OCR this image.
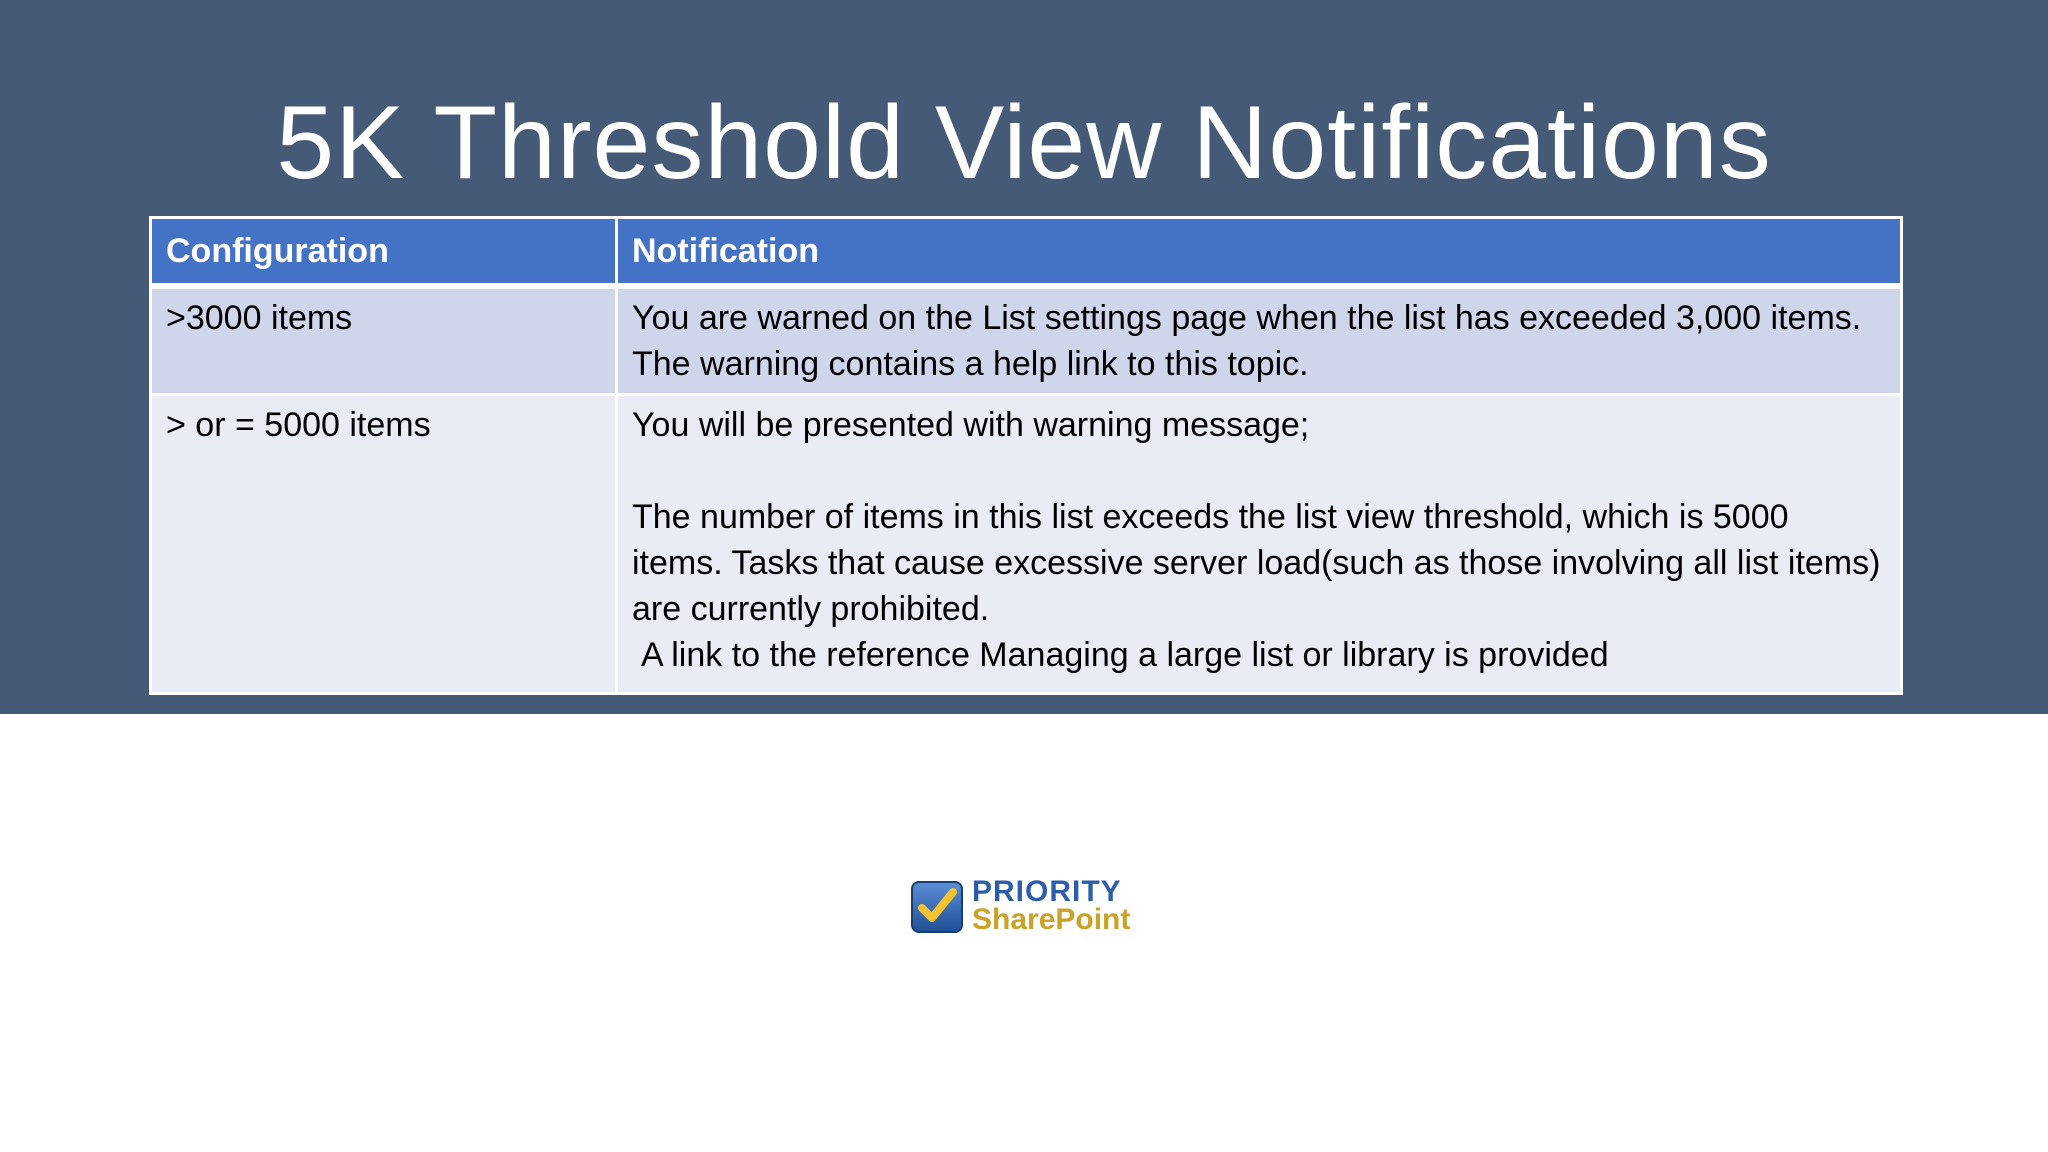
5K Threshold View Notifications
Configuration	Notification
>3000 items	You are warned on the List settings page when the list has exceeded 3,000 items. The warning contains a help link to this topic.

> or = 5000 items	You will be presented with warning message;

The number of items in this list exceeds the list view threshold, which is 5000 items. Tasks that cause excessive server load(such as those involving all list items) are currently prohibited.

A link to the reference Managing a large list or library is provided

PRIORITY
SharePoint
